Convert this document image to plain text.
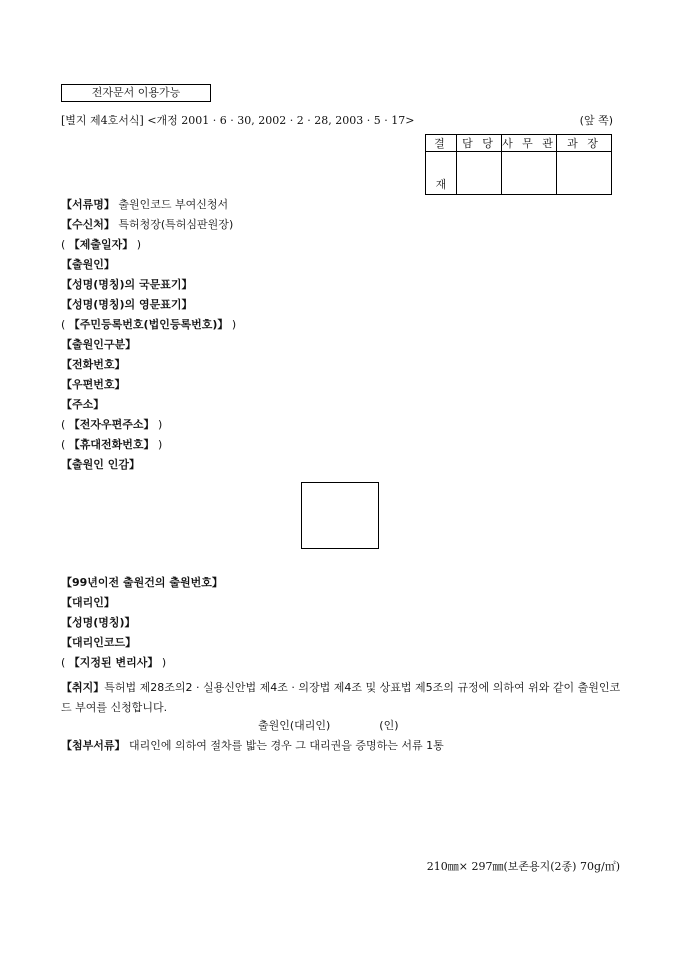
전자문서 이용가능
[별지 제4호서식] <개정 2001 · 6 · 30, 2002 · 2 · 28, 2003 · 5 · 17>	(앞 쪽)
결	담 당	사 무 관	과 장
재			
【취지】특허법 제28조의2 · 실용신안법 제4조 · 의장법 제4조 및 상표법 제5조의 규정에 의하여 위와 같이 출원인코드 부여를 신청합니다.
출원인(대리인)              (인)
【첨부서류】 대리인에 의하여 절차를 밟는 경우 그 대리권을 증명하는 서류 1통
210㎜× 297㎜(보존용지(2종) 70g/㎡)
【서류명】 출원인코드 부여신청서
【수신처】 특허청장(특허심판원장)
( 【제출일자】 )
【출원인】
【성명(명칭)의 국문표기】
【성명(명칭)의 영문표기】
( 【주민등록번호(법인등록번호)】 )
【출원인구분】
【전화번호】
【우편번호】
【주소】
( 【전자우편주소】 )
( 【휴대전화번호】 )
【출원인 인감】
【99년이전 출원건의 출원번호】
【대리인】
【성명(명칭)】
【대리인코드】
( 【지정된 변리사】 )
